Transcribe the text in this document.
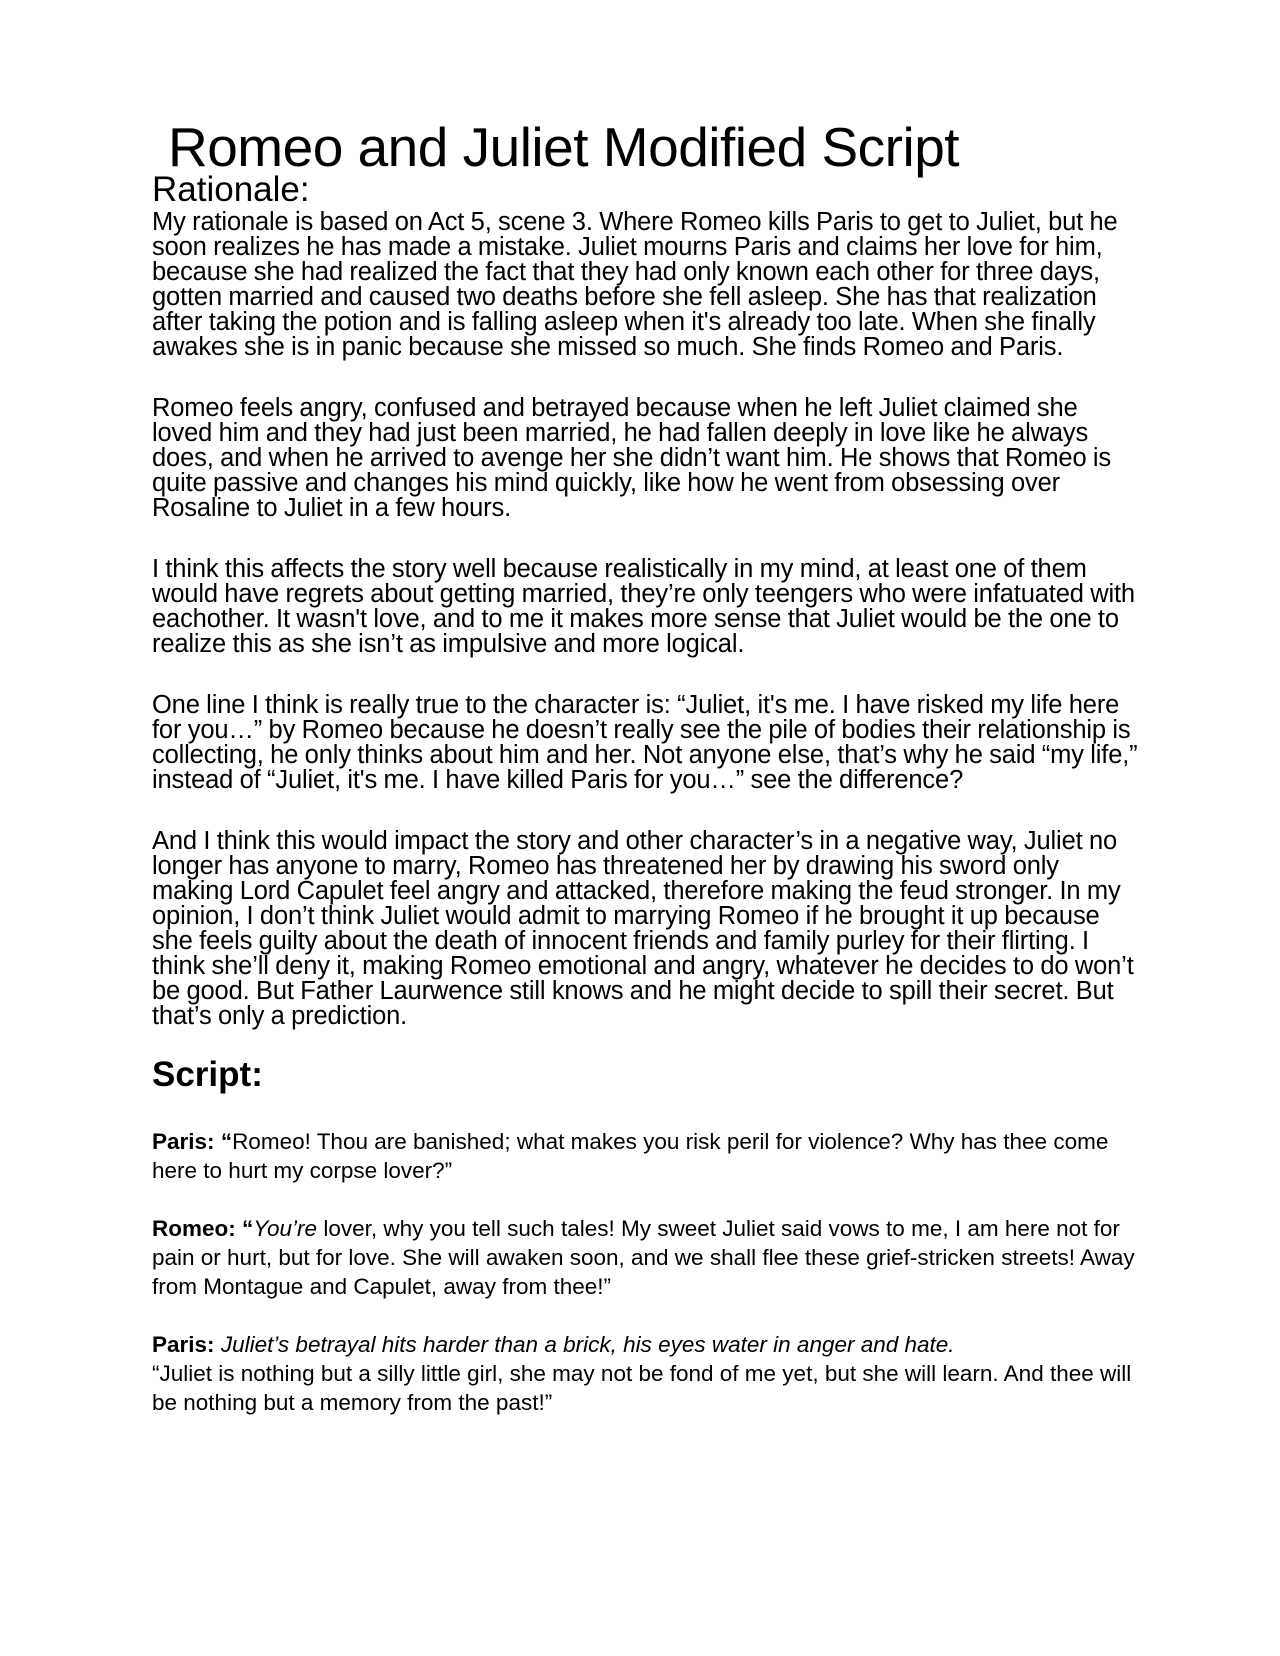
Romeo and Juliet Modified Script
Rationale:

My rationale is based on Act 5, scene 3. Where Romeo kills Paris to get to Juliet, but he soon realizes he has made a mistake. Juliet mourns Paris and claims her love for him, because she had realized the fact that they had only known each other for three days, gotten married and caused two deaths before she fell asleep. She has that realization after taking the potion and is falling asleep when it's already too late. When she finally awakes she is in panic because she missed so much. She finds Romeo and Paris.

Romeo feels angry, confused and betrayed because when he left Juliet claimed she loved him and they had just been married, he had fallen deeply in love like he always does, and when he arrived to avenge her she didn’t want him. He shows that Romeo is quite passive and changes his mind quickly, like how he went from obsessing over Rosaline to Juliet in a few hours.

I think this affects the story well because realistically in my mind, at least one of them would have regrets about getting married, they’re only teengers who were infatuated with eachother. It wasn't love, and to me it makes more sense that Juliet would be the one to realize this as she isn’t as impulsive and more logical.

One line I think is really true to the character is: “Juliet, it's me. I have risked my life here for you…” by Romeo because he doesn’t really see the pile of bodies their relationship is collecting, he only thinks about him and her. Not anyone else, that’s why he said “my life,” instead of “Juliet, it's me. I have killed Paris for you…” see the difference?

And I think this would impact the story and other character’s in a negative way, Juliet no longer has anyone to marry, Romeo has threatened her by drawing his sword only making Lord Capulet feel angry and attacked, therefore making the feud stronger. In my opinion, I don’t think Juliet would admit to marrying Romeo if he brought it up because she feels guilty about the death of innocent friends and family purley for their flirting. I think she’ll deny it, making Romeo emotional and angry, whatever he decides to do won’t be good. But Father Laurwence still knows and he might decide to spill their secret. But that’s only a prediction.

Script:

Paris: “Romeo! Thou are banished; what makes you risk peril for violence? Why has thee come here to hurt my corpse lover?”

Romeo: “You’re lover, why you tell such tales! My sweet Juliet said vows to me, I am here not for pain or hurt, but for love. She will awaken soon, and we shall flee these grief-stricken streets! Away from Montague and Capulet, away from thee!”

Paris: Juliet’s betrayal hits harder than a brick, his eyes water in anger and hate.
“Juliet is nothing but a silly little girl, she may not be fond of me yet, but she will learn. And thee will be nothing but a memory from the past!”
